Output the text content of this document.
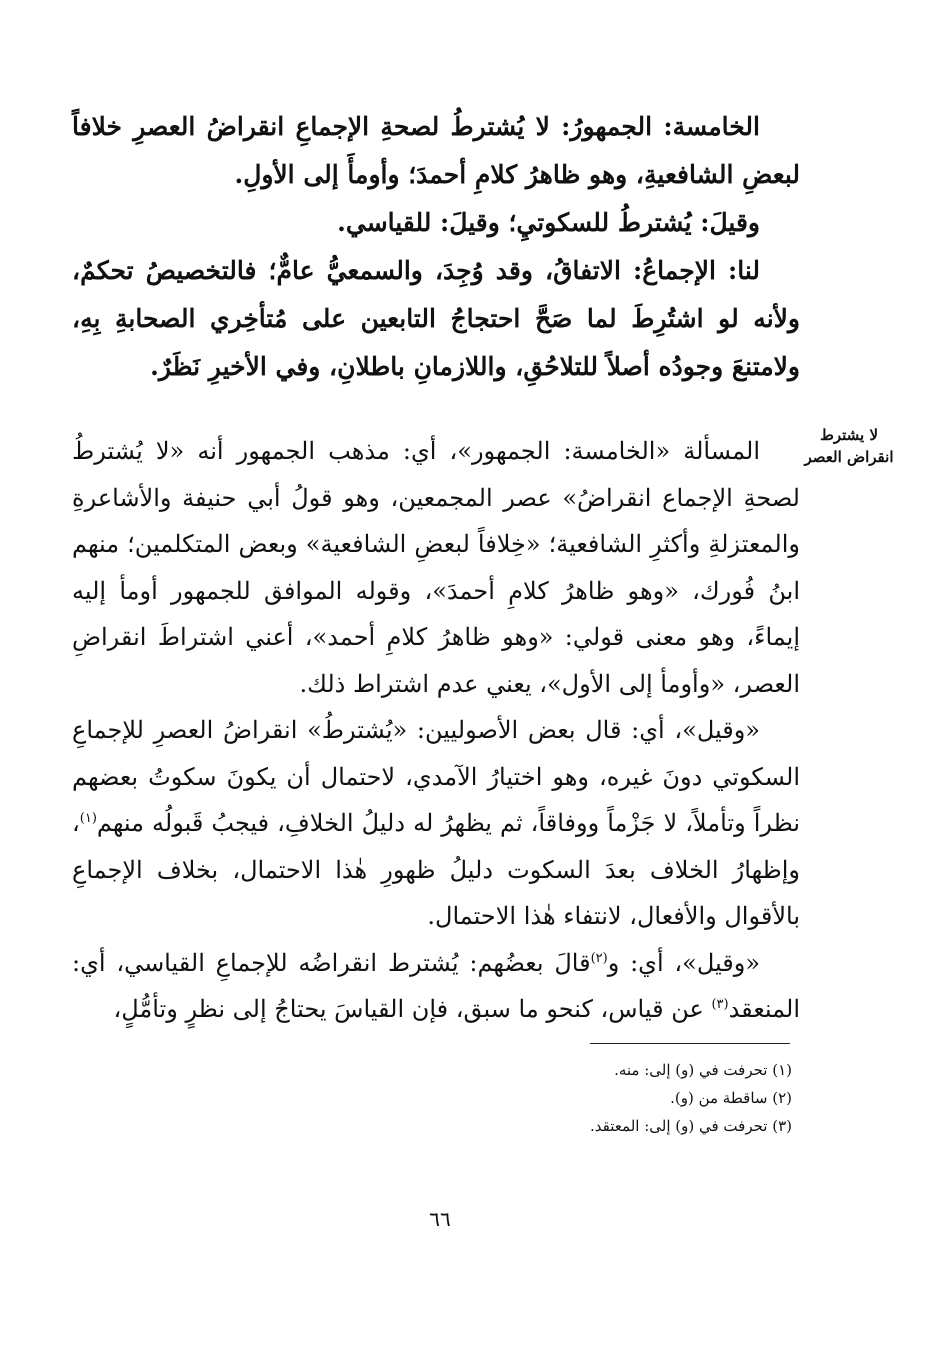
الخامسة: الجمهورُ: لا يُشترطُ لصحةِ الإجماعِ انقراضُ العصرِ خلافاً لبعضِ الشافعيةِ، وهو ظاهرُ كلامِ أحمدَ؛ وأومأَ إلى الأولِ.

وقيلَ: يُشترطُ للسكوتيِ؛ وقيلَ: للقياسي.

لنا: الإجماعُ: الاتفاقُ، وقد وُجِدَ، والسمعيُّ عامٌّ؛ فالتخصيصُ تحكمٌ، ولأنه لو اشتُرِطَ لما صَحَّ احتجاجُ التابعين على مُتأخِري الصحابةِ بِهِ، ولامتنعَ وجودُه أصلاً للتلاحُقِ، واللازمانِ باطلانِ، وفي الأخيرِ نَظَرٌ.

لا يشترط
انقراض العصر

المسألة «الخامسة: الجمهور»، أي: مذهب الجمهور أنه «لا يُشترطُ لصحةِ الإجماع انقراضُ» عصر المجمعين، وهو قولُ أبي حنيفة والأشاعرةِ والمعتزلةِ وأكثرِ الشافعية؛ «خِلافاً لبعضِ الشافعية» وبعض المتكلمين؛ منهم ابنُ فُورك، «وهو ظاهرُ كلامِ أحمدَ»، وقوله الموافق للجمهور أومأ إليه إيماءً، وهو معنى قولي: «وهو ظاهرُ كلامِ أحمد»، أعني اشتراطَ انقراضِ العصر، «وأومأ إلى الأول»، يعني عدم اشتراط ذلك.

«وقيل»، أي: قال بعض الأصوليين: «يُشترطُ» انقراضُ العصرِ للإجماعِ السكوتي دونَ غيره، وهو اختيارُ الآمدي، لاحتمال أن يكونَ سكوتُ بعضهم نظراً وتأملاً، لا جَزْماً ووفاقاً، ثم يظهرُ له دليلُ الخلافِ، فيجبُ قَبولُه منهم$^{(١)}$، وإظهارُ الخلاف بعدَ السكوت دليلُ ظهورِ هٰذا الاحتمال، بخلاف الإجماعِ بالأقوال والأفعال، لانتفاء هٰذا الاحتمال.

«وقيل»، أي: و$^{(٢)}$قالَ بعضُهم: يُشترط انقراضُه للإجماعِ القياسي، أي: المنعقد$^{(٣)}$ عن قياس، كنحو ما سبق، فإن القياسَ يحتاجُ إلى نظرٍ وتأمُّلٍ،

(١) تحرفت في (و) إلى: منه.
(٢) ساقطة من (و).
(٣) تحرفت في (و) إلى: المعتقد.
٦٦
